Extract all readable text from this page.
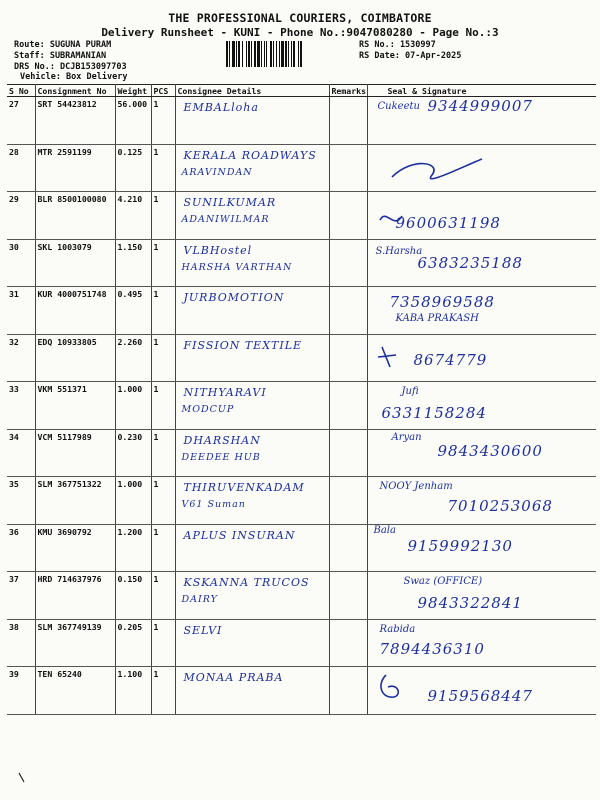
THE PROFESSIONAL COURIERS, COIMBATORE
Delivery Runsheet - KUNI - Phone No.:9047080280 - Page No.:3
Route: SUGUNA PURAM
Staff: SUBRAMANIAN
DRS No.: DCJB153097703
Vehicle: Box Delivery
RS No.: 1530997
RS Date: 07-Apr-2025
S No	Consignment No	Weight	PCS	Consignee Details	Remarks	Seal & Signature
27	SRT 54423812	56.000	1	EMBALloha		Cukeetu 9344999007

28	MTR 2591199	0.125	1	KERALA ROADWAYS
ARAVINDAN

29	BLR 8500100080	4.210	1	SUNILKUMAR
ADANIWILMAR		9600631198

30	SKL 1003079	1.150	1	VLBHostel
HARSHA VARTHAN		S.Harsha
6383235188

31	KUR 4000751748	0.495	1	JURBOMOTION		KABA PRAKASH
7358969588

32	EDQ 10933805	2.260	1	FISSION TEXTILE		8674779

33	VKM 551371	1.000	1	NITHYARAVI
MODCUP		Jufi
6331158284

34	VCM 5117989	0.230	1	DHARSHAN
DEEDEE HUB		Aryan
9843430600

35	SLM 367751322	1.000	1	THIRUVENKADAM
V61 Suman		NOOY Jenham
7010253068

36	KMU 3690792	1.200	1	APLUS INSURAN		Bala
9159992130

37	HRD 714637976	0.150	1	KSKANNA TRUCOS
DAIRY		Swaz (OFFICE)
9843322841

38	SLM 367749139	0.205	1	SELVI		Rabida
7894436310

39	TEN 65240	1.100	1	MONAA PRABA		9159568447
